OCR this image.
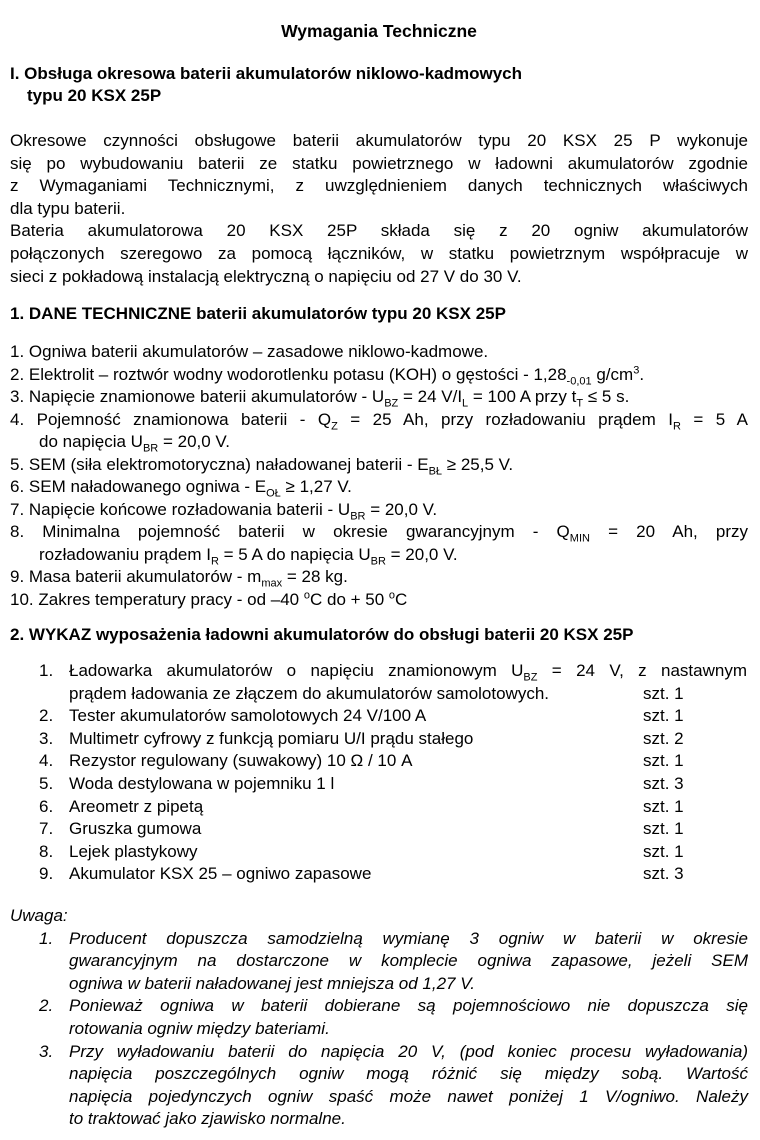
Wymagania Techniczne
I. Obsługa okresowa baterii akumulatorów niklowo-kadmowych
typu 20 KSX 25P
Okresowe czynności obsługowe baterii akumulatorów typu 20 KSX 25 P wykonuje
się po wybudowaniu baterii ze statku powietrznego w ładowni akumulatorów zgodnie
z Wymaganiami Technicznymi, z uwzględnieniem danych technicznych właściwych
dla typu baterii.
Bateria akumulatorowa 20 KSX 25P składa się z 20 ogniw akumulatorów
połączonych szeregowo za pomocą łączników, w statku powietrznym współpracuje w
sieci z pokładową instalacją elektryczną o napięciu od 27 V do 30 V.
1. DANE TECHNICZNE baterii akumulatorów typu 20 KSX 25P
1. Ogniwa baterii akumulatorów – zasadowe niklowo-kadmowe.
2. Elektrolit – roztwór wodny wodorotlenku potasu (KOH) o gęstości - $1,28_{-0,01}$ $g/cm^3$.
3. Napięcie znamionowe baterii akumulatorów - $U_{BZ} = 24$ $V/I_L = 100$ A przy $t_T \le 5$ s.
4. Pojemność znamionowa baterii - $Q_Z = 25$ Ah, przy rozładowaniu prądem $I_R = 5$ A
do napięcia $U_{BR} = 20,0$ V.
5. SEM (siła elektromotoryczna) naładowanej baterii - $E_{BŁ} \ge 25,5$ V.
6. SEM naładowanego ogniwa - $E_{OŁ} \ge 1,27$ V.
7. Napięcie końcowe rozładowania baterii - $U_{BR} = 20,0$ V.
8. Minimalna pojemność baterii w okresie gwarancyjnym - $Q_{MIN} = 20$ Ah, przy
rozładowaniu prądem $I_R = 5$ A do napięcia $U_{BR} = 20,0$ V.
9. Masa baterii akumulatorów - $m_{max} = 28$ kg.
10. Zakres temperatury pracy - od –40 $^o$C do + 50 $^o$C
2. WYKAZ wyposażenia ładowni akumulatorów do obsługi baterii 20 KSX 25P
1. Ładowarka akumulatorów o napięciu znamionowym $U_{BZ} = 24$ V, z nastawnym
prądem ładowania ze złączem do akumulatorów samolotowych.	szt. 1
2. Tester akumulatorów samolotowych 24 V/100 A	szt. 1
3. Multimetr cyfrowy z funkcją pomiaru U/I prądu stałego	szt. 2
4. Rezystor regulowany (suwakowy) 10 Ω / 10 A	szt. 1
5. Woda destylowana w pojemniku 1 l	szt. 3
6. Areometr z pipetą	szt. 1
7. Gruszka gumowa	szt. 1
8. Lejek plastykowy	szt. 1
9. Akumulator KSX 25 – ogniwo zapasowe	szt. 3
Uwaga:
1. Producent dopuszcza samodzielną wymianę 3 ogniw w baterii w okresie
gwarancyjnym na dostarczone w komplecie ogniwa zapasowe, jeżeli SEM
ogniwa w baterii naładowanej jest mniejsza od 1,27 V.
2. Ponieważ ogniwa w baterii dobierane są pojemnościowo nie dopuszcza się
rotowania ogniw między bateriami.
3. Przy wyładowaniu baterii do napięcia 20 V, (pod koniec procesu wyładowania)
napięcia poszczególnych ogniw mogą różnić się między sobą. Wartość
napięcia pojedynczych ogniw spaść może nawet poniżej 1 V/ogniwo. Należy
to traktować jako zjawisko normalne.
